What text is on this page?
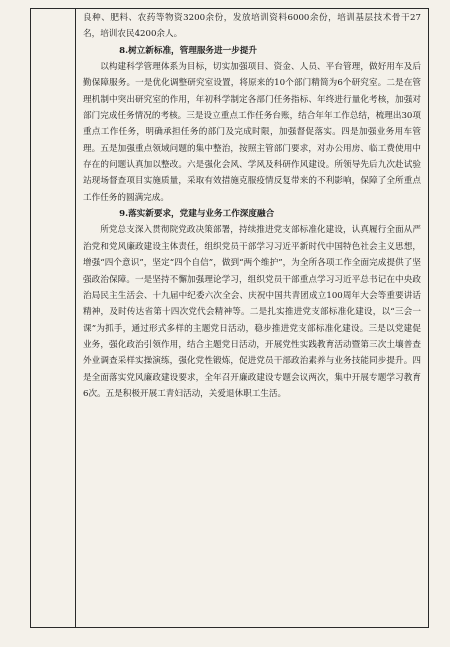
良种、肥料、农药等物资3200余份，发放培训资料6000余份，培训基层技术骨干27名，培训农民4200余人。

8.树立新标准，管理服务进一步提升

以构建科学管理体系为目标，切实加强项目、资金、人员、平台管理，做好用车及后勤保障服务。一是优化调整研究室设置，将原来的10个部门精简为6个研究室。二是在管理机制中突出研究室的作用，年初科学制定各部门任务指标、年终进行量化考核，加强对部门完成任务情况的考核。三是设立重点工作任务台账，结合年年工作总结，梳理出30项重点工作任务，明确承担任务的部门及完成时限，加强督促落实。四是加强业务用车管理。五是加强重点领域问题的集中整治，按照主管部门要求，对办公用房、临工费使用中存在的问题认真加以整改。六是强化会风、学风及科研作风建设。所领导先后九次赴试验站现场督查项目实施质量，采取有效措施克服疫情反复带来的不利影响，保障了全所重点工作任务的圆满完成。

9.落实新要求，党建与业务工作深度融合

所党总支深入贯彻院党政决策部署，持续推进党支部标准化建设，认真履行全面从严治党和党风廉政建设主体责任，组织党员干部学习习近平新时代中国特色社会主义思想，增强“四个意识”，坚定“四个自信”，做到“两个维护”，为全所各项工作全面完成提供了坚强政治保障。一是坚持不懈加强理论学习，组织党员干部重点学习习近平总书记在中央政治局民主生活会、十九届中纪委六次全会、庆祝中国共青团成立100周年大会等重要讲话精神，及时传达省第十四次党代会精神等。二是扎实推进党支部标准化建设，以“三会一课”为抓手，通过形式多样的主题党日活动，稳步推进党支部标准化建设。三是以党建促业务，强化政治引领作用，结合主题党日活动，开展党性实践教育活动暨第三次土壤普查外业调查采样实操演练，强化党性锻炼，促进党员干部政治素养与业务技能同步提升。四是全面落实党风廉政建设要求，全年召开廉政建设专题会议两次，集中开展专题学习教育6次。五是积极开展工青妇活动，关爱退休职工生活。
